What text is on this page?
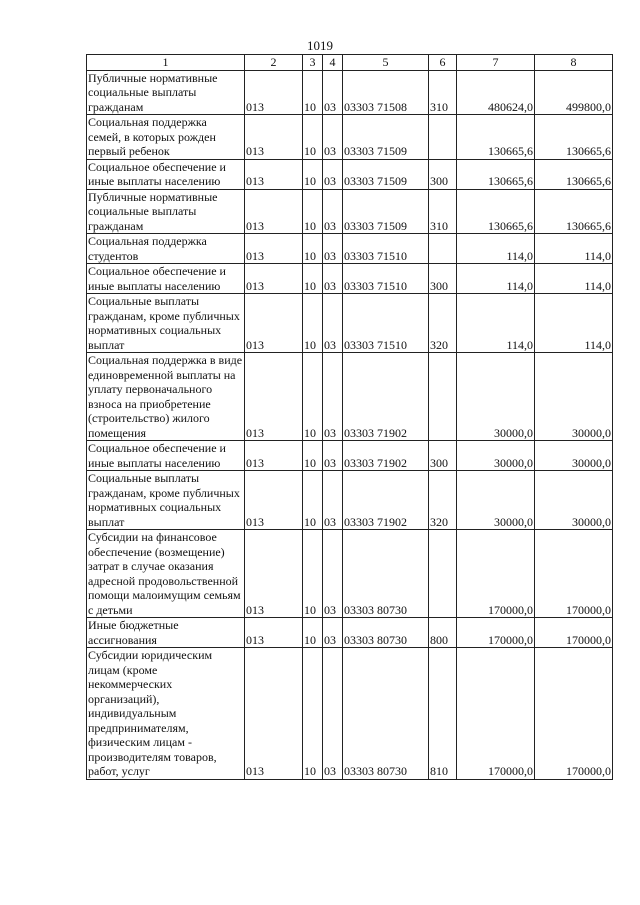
1019
1	2	3	4	5	6	7	8
Публичные нормативные социальные выплаты гражданам	013	10	03	03303 71508	310	480624,0	499800,0
Социальная поддержка семей, в которых рожден первый ребенок	013	10	03	03303 71509		130665,6	130665,6
Социальное обеспечение и иные выплаты населению	013	10	03	03303 71509	300	130665,6	130665,6
Публичные нормативные социальные выплаты гражданам	013	10	03	03303 71509	310	130665,6	130665,6
Социальная поддержка студентов	013	10	03	03303 71510		114,0	114,0
Социальное обеспечение и иные выплаты населению	013	10	03	03303 71510	300	114,0	114,0
Социальные выплаты гражданам, кроме публичных нормативных социальных выплат	013	10	03	03303 71510	320	114,0	114,0
Социальная поддержка в виде единовременной выплаты на уплату первоначального взноса на приобретение (строительство) жилого помещения	013	10	03	03303 71902		30000,0	30000,0
Социальное обеспечение и иные выплаты населению	013	10	03	03303 71902	300	30000,0	30000,0
Социальные выплаты гражданам, кроме публичных нормативных социальных выплат	013	10	03	03303 71902	320	30000,0	30000,0
Субсидии на финансовое обеспечение (возмещение) затрат в случае оказания адресной продовольственной помощи малоимущим семьям с детьми	013	10	03	03303 80730		170000,0	170000,0
Иные бюджетные ассигнования	013	10	03	03303 80730	800	170000,0	170000,0
Субсидии юридическим лицам (кроме некоммерческих организаций), индивидуальным предпринимателям, физическим лицам - производителям товаров, работ, услуг	013	10	03	03303 80730	810	170000,0	170000,0
